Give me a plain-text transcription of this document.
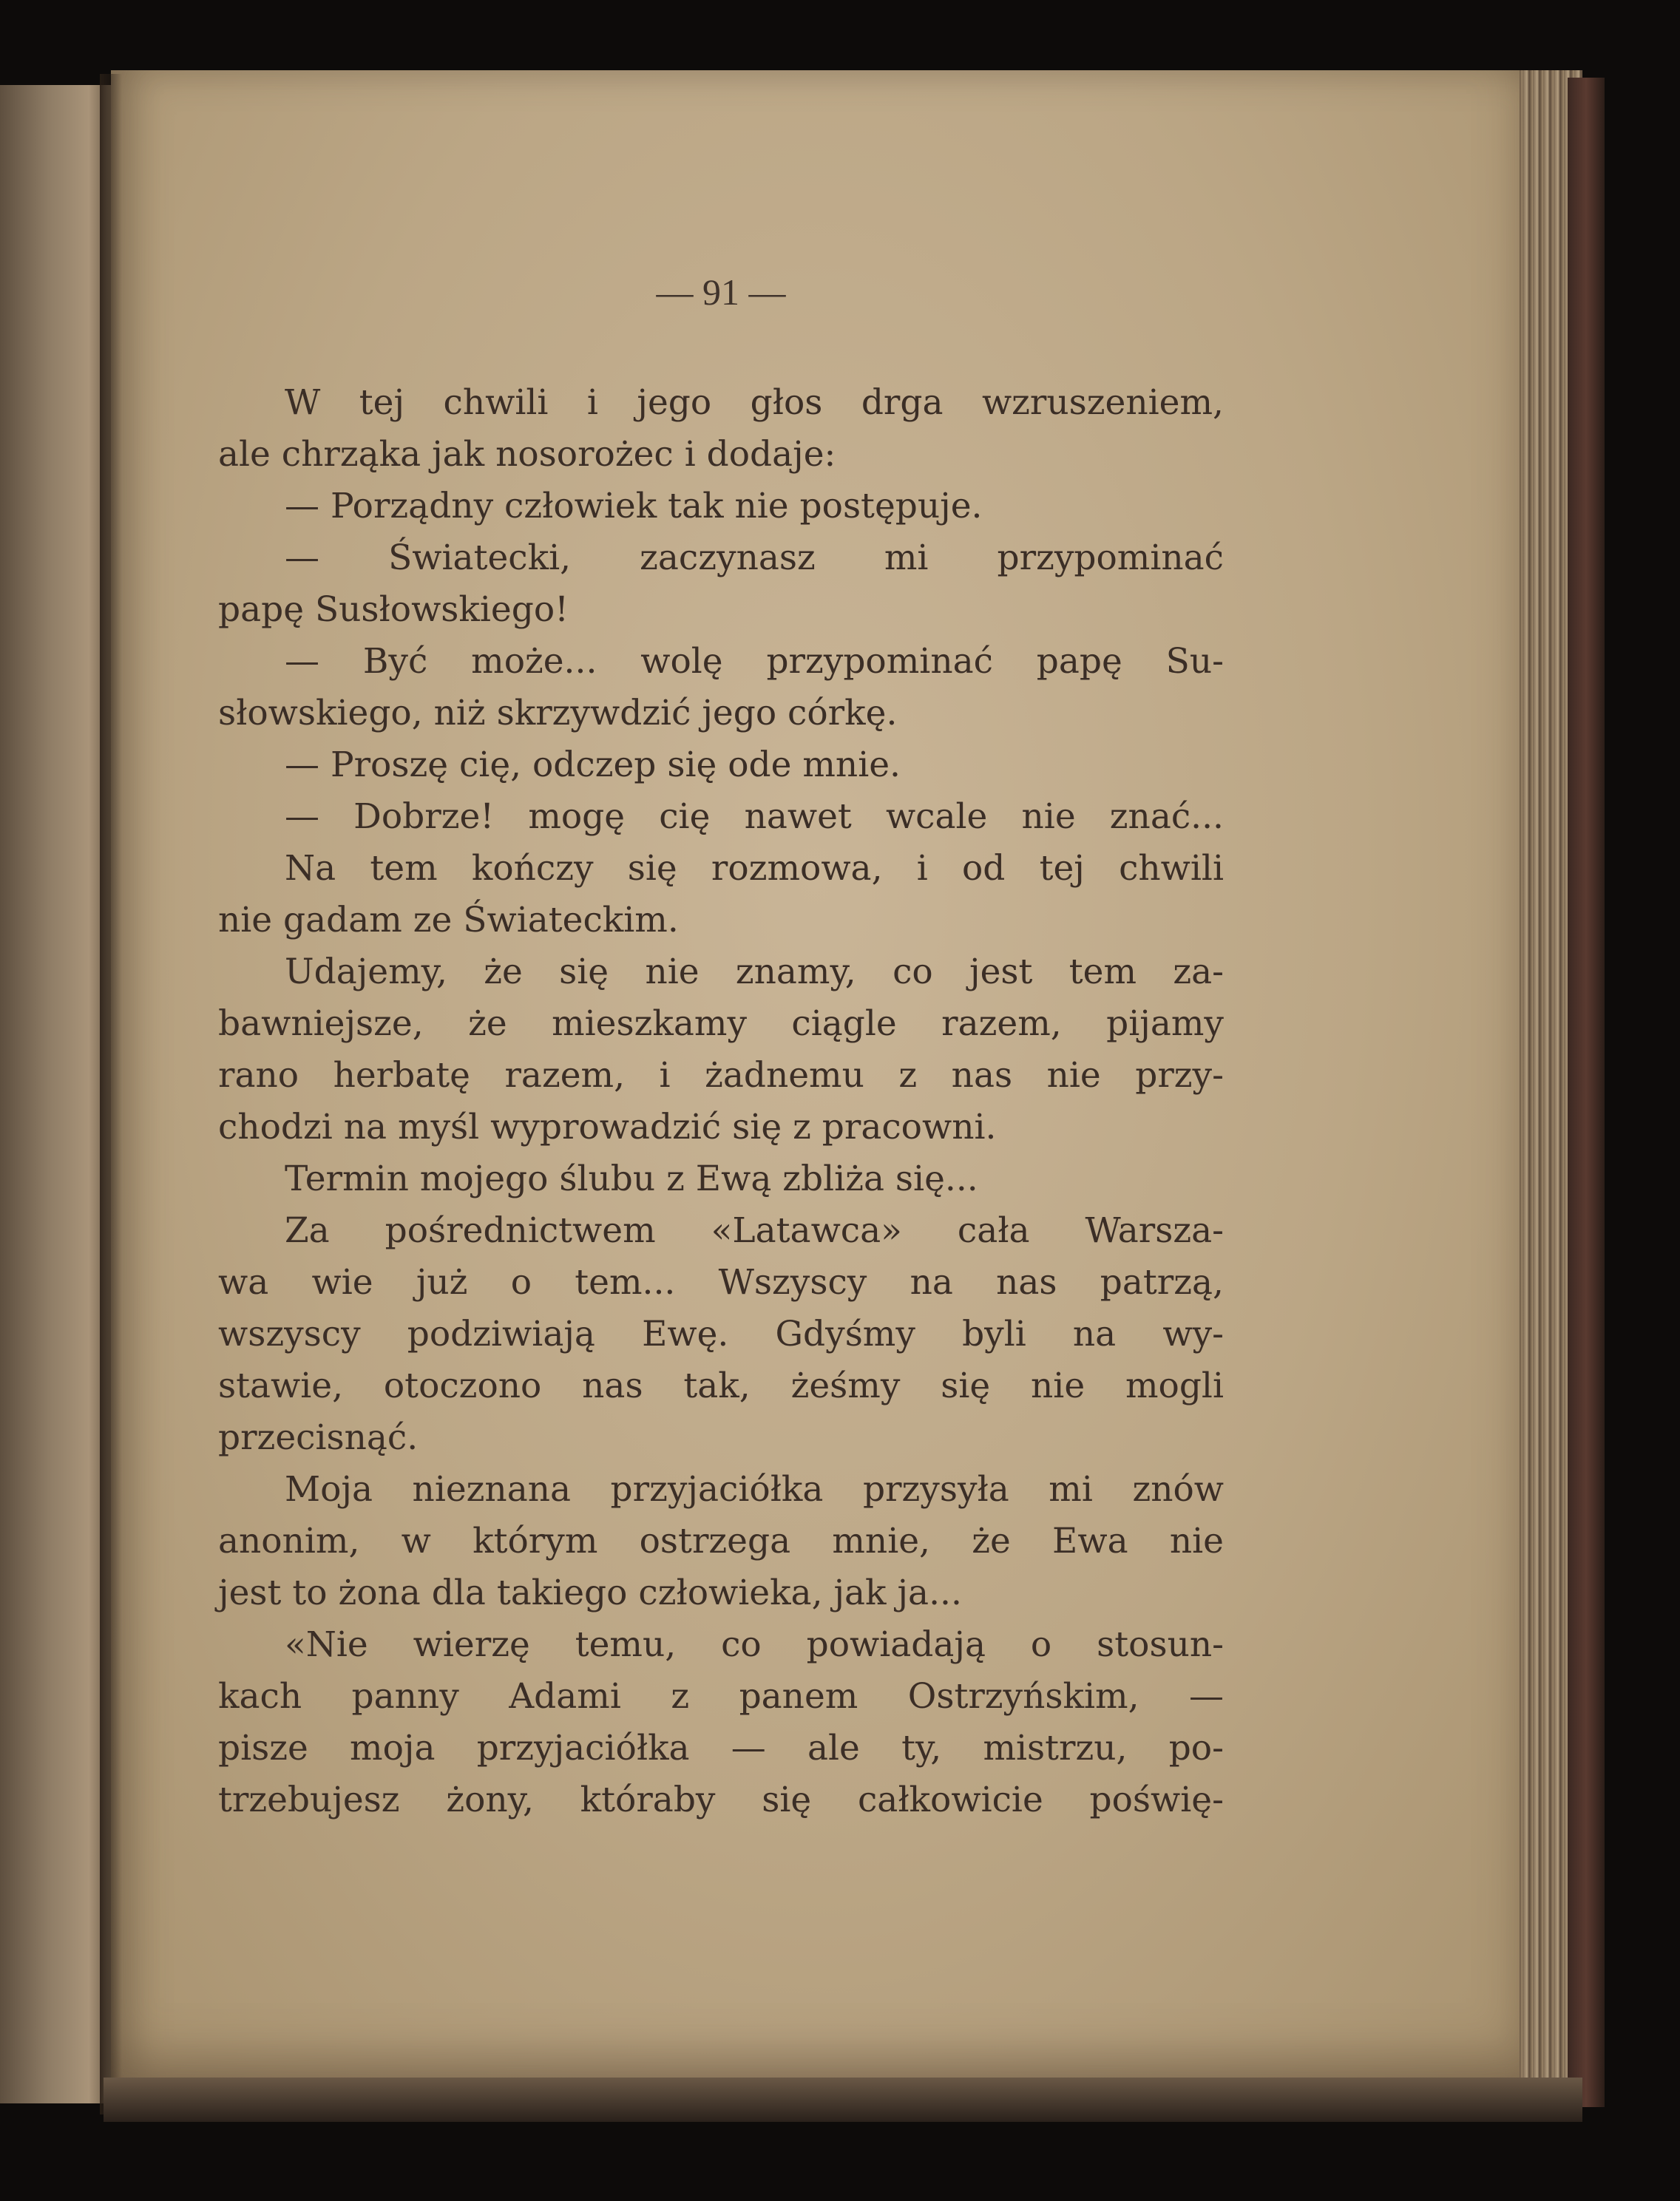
— 91 —
W tej chwili i jego głos drga wzruszeniem,
ale chrząka jak nosorożec i dodaje:
— Porządny człowiek tak nie postępuje.
— Światecki, zaczynasz mi przypominać
papę Susłowskiego!
— Być może... wolę przypominać papę Su-
słowskiego, niż skrzywdzić jego córkę.
— Proszę cię, odczep się ode mnie.
— Dobrze! mogę cię nawet wcale nie znać...
Na tem kończy się rozmowa, i od tej chwili
nie gadam ze Świateckim.
Udajemy, że się nie znamy, co jest tem za-
bawniejsze, że mieszkamy ciągle razem, pijamy
rano herbatę razem, i żadnemu z nas nie przy-
chodzi na myśl wyprowadzić się z pracowni.
Termin mojego ślubu z Ewą zbliża się...
Za pośrednictwem «Latawca» cała Warsza-
wa wie już o tem... Wszyscy na nas patrzą,
wszyscy podziwiają Ewę. Gdyśmy byli na wy-
stawie, otoczono nas tak, żeśmy się nie mogli
przecisnąć.
Moja nieznana przyjaciółka przysyła mi znów
anonim, w którym ostrzega mnie, że Ewa nie
jest to żona dla takiego człowieka, jak ja...
«Nie wierzę temu, co powiadają o stosun-
kach panny Adami z panem Ostrzyńskim, —
pisze moja przyjaciółka — ale ty, mistrzu, po-
trzebujesz żony, któraby się całkowicie poświę-
